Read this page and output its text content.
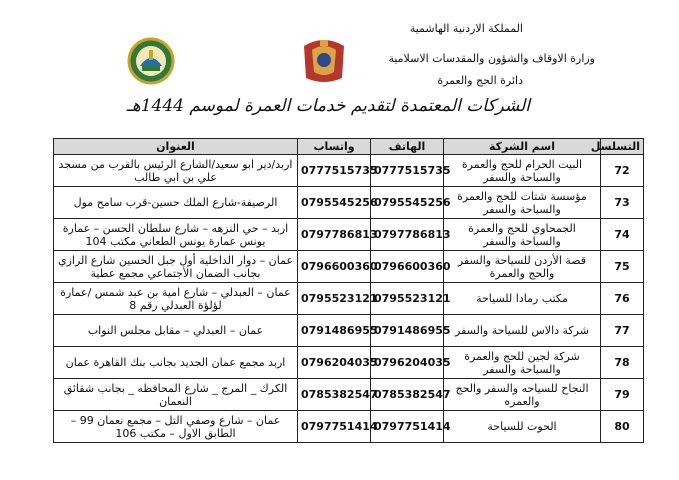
المملكة الاردنية الهاشمية
وزارة الاوقاف والشؤون والمقدسات الاسلامية
دائرة الحج والعمرة
الشركات المعتمدة لتقديم خدمات العمرة لموسم 1444هـ
التسلسل	اسم الشركة	الهاتف	واتساب	العنوان
72	البيت الحرام للحج والعمرة والسياحة والسفر	0777515735	0777515735	اربد/دير ابو سعيد/الشارع الرئيس بالقرب من مسجد علي بن ابي طالب
73	مؤسسة شتات للحج والعمرة والسياحة والسفر	0795545256	0795545256	الرصيفة-شارع الملك حسين-قرب سامح مول
74	الجمحاوي للحج والعمرة والسياحة والسفر	0797786813	0797786813	اربد – حي النزهه – شارع سلطان الحسن – عمارة يونس عمارة يونس الطعاني مكتب 104
75	قصة الأردن للسياحة والسفر والحج والعمرة	0796600360	0796600360	عمان – دوار الداخلية أول جبل الحسين شارع الرازي بجانب الضمان الأجتماعي مجمع عطية
76	مكتب رمادا للسياحة	0795523121	0795523121	عمان – العبدلي – شارع امية بن عبد شمس /عمارة لؤلؤة العبدلي رقم 8
77	شركة دالاس للسياحة والسفر	0791486955	0791486955	عمان – العبدلي – مقابل مجلس النواب
78	شركة لجين للحج والعمرة والسياحة والسفر	0796204035	0796204035	اربد مجمع عمان الجديد بجانب بنك القاهرة عمان
79	النجاح للسياحه والسفر والحج والعمره	0785382547	0785382547	الكرك _ المرج _ شارع المحافظه _ بجانب شقائق النعمان
80	الحوت للسياحة	0797751414	0797751414	عمان – شارع وصفي التل – مجمع نعمان 99 – الطابق الاول – مكتب 106
